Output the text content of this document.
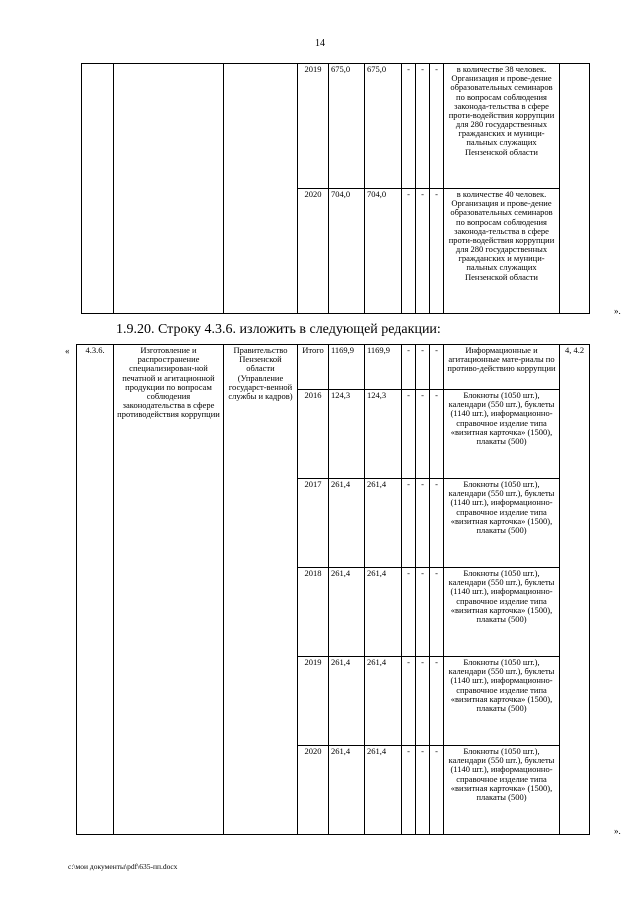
14
			2019	675,0	675,0	-	-	-	в количестве 38 человек. Организация и прове-дение образовательных семинаров по вопросам соблюдения законода-тельства в сфере проти-водействия коррупции для 280 государственных гражданских и муници-пальных служащих Пензенской области	
			2020	704,0	704,0	-	-	-	в количестве 40 человек. Организация и прове-дение образовательных семинаров по вопросам соблюдения законода-тельства в сфере проти-водействия коррупции для 280 государственных гражданских и муници-пальных служащих Пензенской области	
».
1.9.20. Строку 4.3.6. изложить в следующей редакции:
« 4.3.6.	Изготовление и распространение специализирован-ной печатной и агитационной продукции по вопросам соблюдения законодательства в сфере противодействия коррупции	Правительство Пензенской области (Управление государст-венной службы и кадров)	Итого	1169,9	1169,9	-	-	-	Информационные и агитационные мате-риалы по противо-действию коррупции	4, 4.2
			2016	124,3	124,3	-	-	-	Блокноты (1050 шт.), календари (550 шт.), буклеты (1140 шт.), информационно-справочное изделие типа «визитная карточка» (1500), плакаты (500)	
			2017	261,4	261,4	-	-	-	Блокноты (1050 шт.), календари (550 шт.), буклеты (1140 шт.), информационно-справочное изделие типа «визитная карточка» (1500), плакаты (500)	
			2018	261,4	261,4	-	-	-	Блокноты (1050 шт.), календари (550 шт.), буклеты (1140 шт.), информационно-справочное изделие типа «визитная карточка» (1500), плакаты (500)	
			2019	261,4	261,4	-	-	-	Блокноты (1050 шт.), календари (550 шт.), буклеты (1140 шт.), информационно-справочное изделие типа «визитная карточка» (1500), плакаты (500)	
			2020	261,4	261,4	-	-	-	Блокноты (1050 шт.), календари (550 шт.), буклеты (1140 шт.), информационно-справочное изделие типа «визитная карточка» (1500), плакаты (500)	
».
c:\мои документы\pdf\635-пп.docx
